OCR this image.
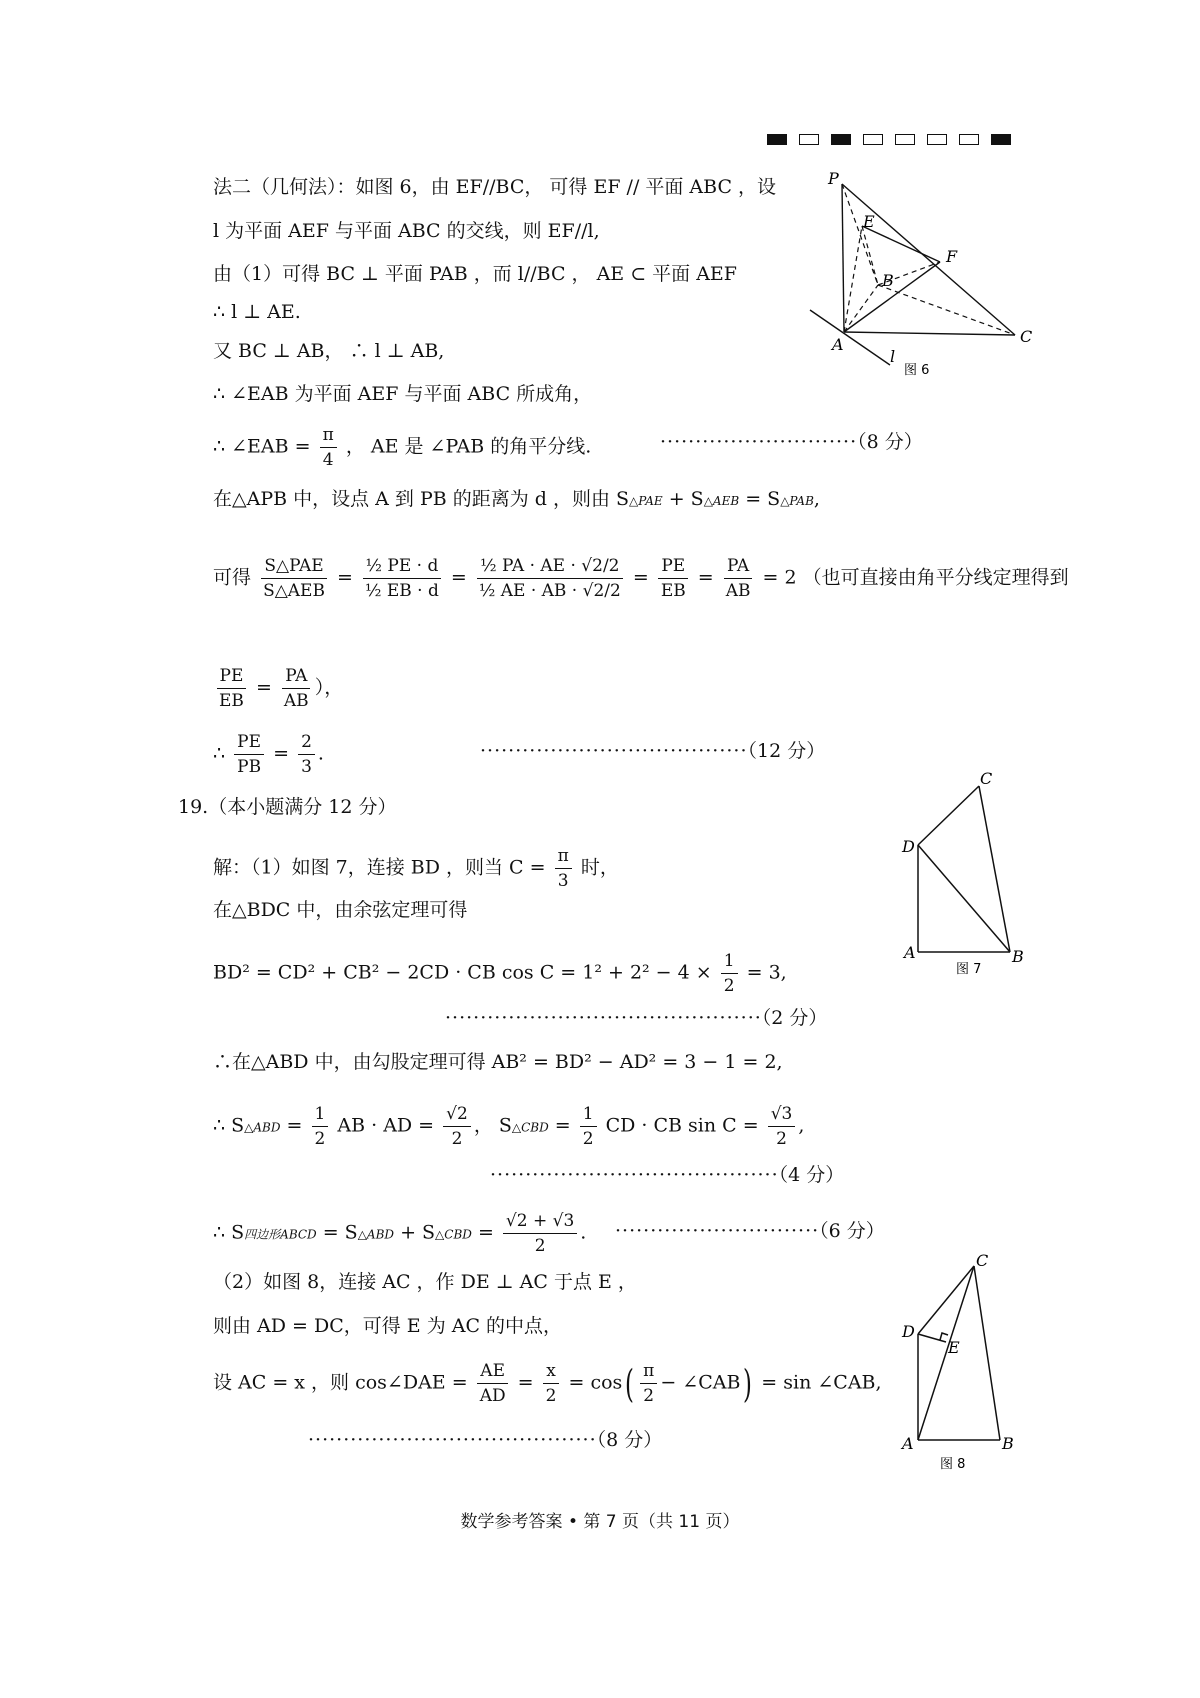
法二（几何法）：如图 6，由 EF//BC， 可得 EF // 平面 ABC ，设
l 为平面 AEF 与平面 ABC 的交线，则 EF//l,
由（1）可得 BC ⊥ 平面 PAB ，而 l//BC ， AE ⊂ 平面 AEF
∴ l ⊥ AE.
又 BC ⊥ AB， ∴ l ⊥ AB,
∴ ∠EAB 为平面 AEF 与平面 ABC 所成角，
∴ ∠EAB = $\frac{\pi}{4}$ ， AE 是 ∠PAB 的角平分线.	····························（8 分）
在△APB 中，设点 A 到 PB 的距离为 d ，则由 S△PAE + S△AEB = S△PAB,
可得 $\frac{\text{S△PAE}}{\text{S△AEB}} = \frac{\text{½ PE · d}}{\text{½ EB · d}} = \frac{\text{½ PA · AE · √2/2}}{\text{½ AE · AB · √2/2}} = \frac{PE}{EB} = \frac{PA}{AB} = 2$ （也可直接由角平分线定理得到
$\frac{PE}{EB} = \frac{PA}{AB}$ ），
∴ $\frac{PE}{PB} = \frac{2}{3}$ .	······································（12 分）
P
E
F
B
A	C
l
图 6
19.（本小题满分 12 分）
解：（1）如图 7，连接 BD ，则当 $C = \frac{\pi}{3}$ 时，
在△BDC 中，由余弦定理可得
BD² = CD² + CB² − 2CD · CB $\cos C = 1^2 + 2^2 - 4 \times \frac{1}{2} = 3$,
·············································（2 分）
∴在△ABD 中，由勾股定理可得 AB² = BD² − AD² = 3 − 1 = 2,
∴ S△ABD = $\frac{1}{2}$ AB · AD = $\frac{√2}{2}$ ， S△CBD = $\frac{1}{2}$ CD · CB $\sin C = \frac{√3}{2}$ ,
·········································（4 分）
∴ S四边形ABCD = S△ABD + S△CBD = $\frac{√2 + √3}{2}$ . ·····························（6 分）
（2）如图 8，连接 AC ，作 DE ⊥ AC 于点 E ，
则由 AD = DC，可得 E 为 AC 的中点，
设 AC = x ，则 cos∠DAE = $\frac{AE}{AD} = \frac{x}{2} = \cos( \frac{\pi}{2}$ − ∠CAB) = sin ∠CAB,
·········································（8 分）
C
D
A	B
图 7
C
D
E
A	B
图 8
数学参考答案 • 第 7 页（共 11 页）
